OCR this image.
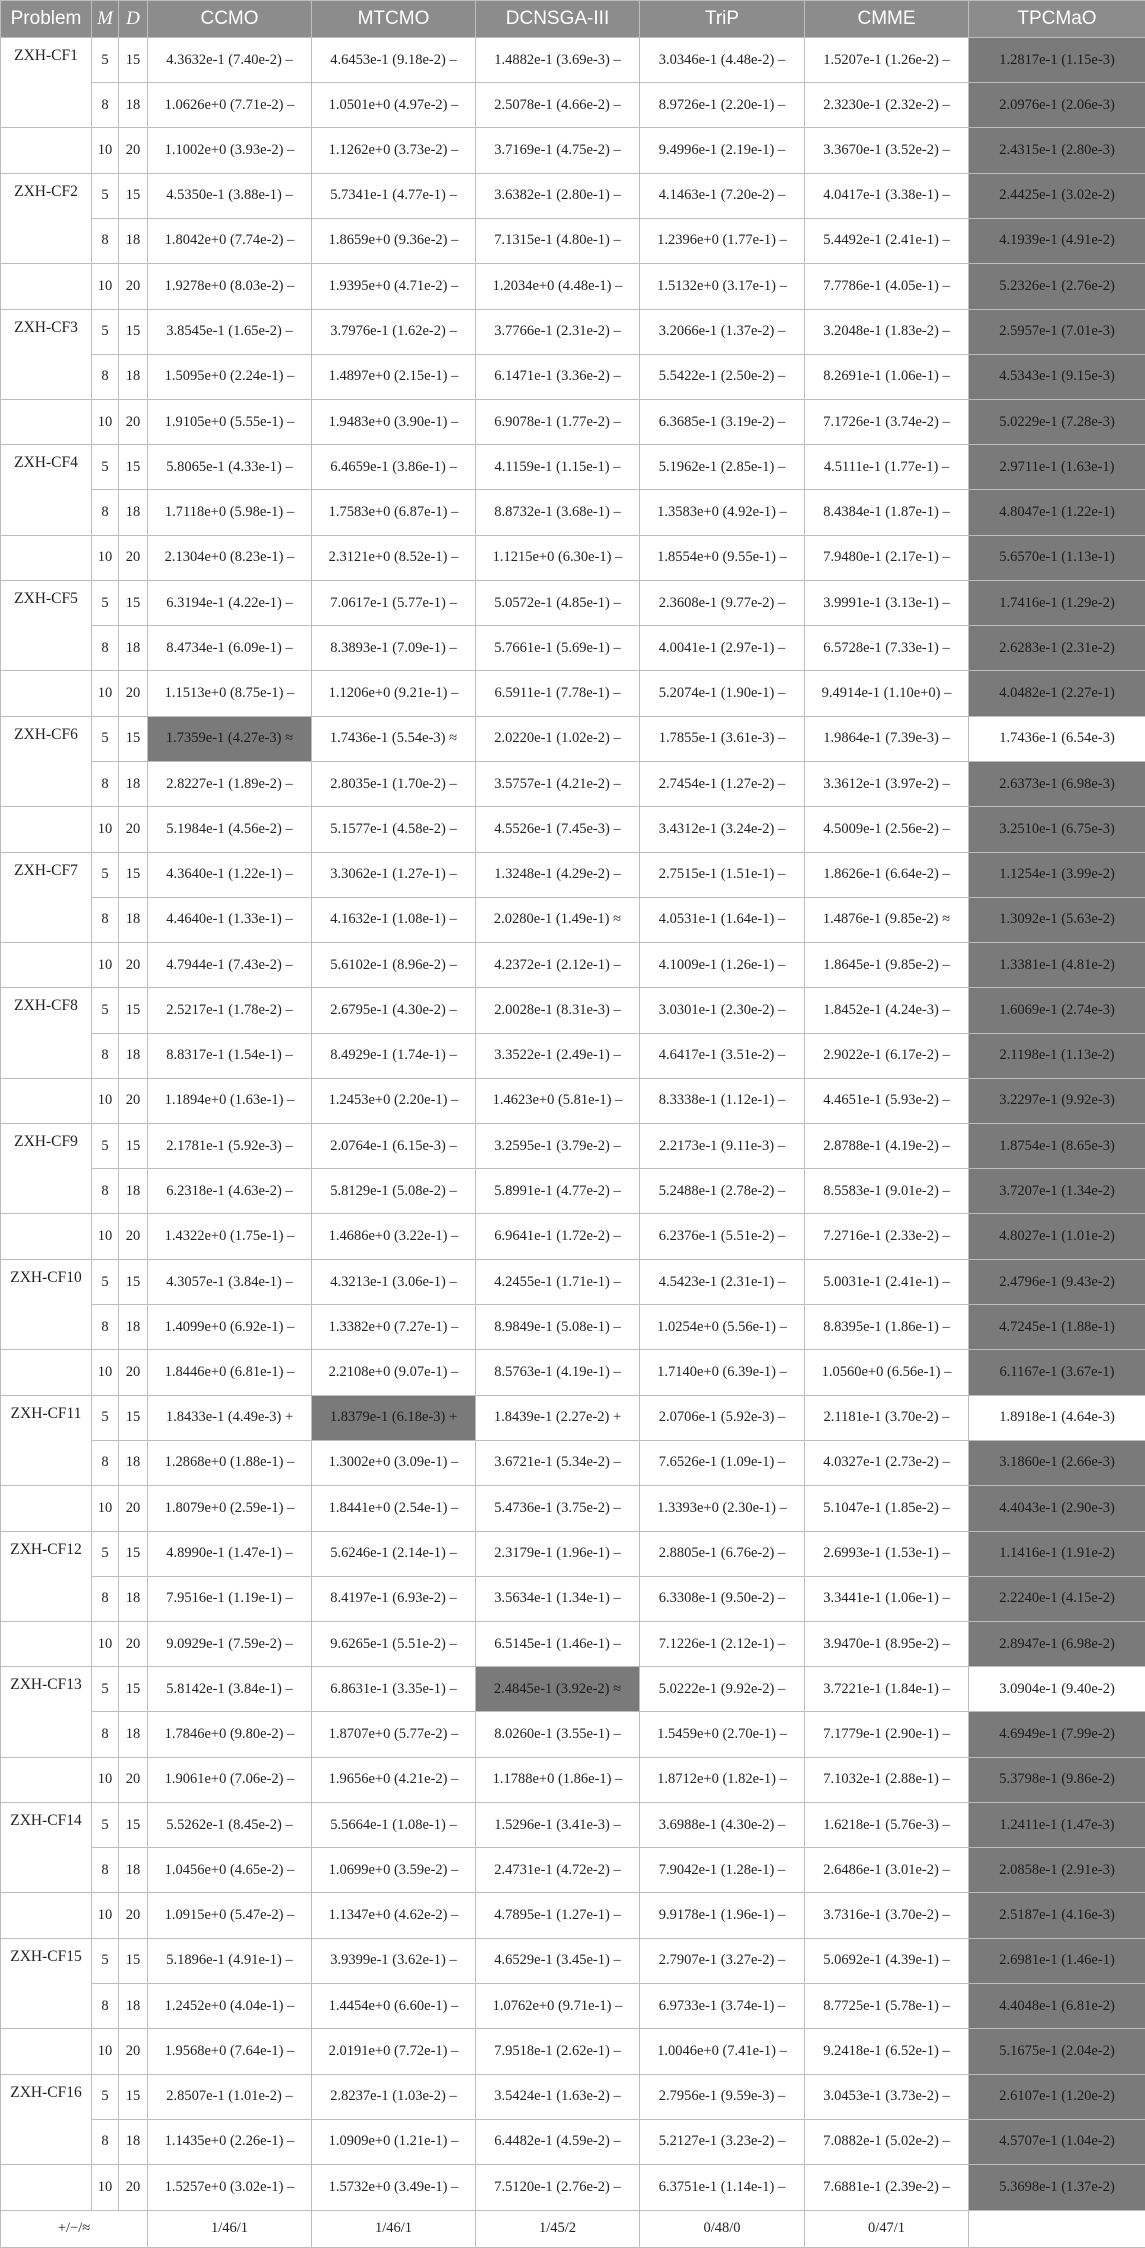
Problem	M	D	CCMO	MTCMO	DCNSGA-III	TriP	CMME	TPCMaO
ZXH-CF1	5	15	4.3632e-1 (7.40e-2) –	4.6453e-1 (9.18e-2) –	1.4882e-1 (3.69e-3) –	3.0346e-1 (4.48e-2) –	1.5207e-1 (1.26e-2) –	1.2817e-1 (1.15e-3)
	8	18	1.0626e+0 (7.71e-2) –	1.0501e+0 (4.97e-2) –	2.5078e-1 (4.66e-2) –	8.9726e-1 (2.20e-1) –	2.3230e-1 (2.32e-2) –	2.0976e-1 (2.06e-3)
	10	20	1.1002e+0 (3.93e-2) –	1.1262e+0 (3.73e-2) –	3.7169e-1 (4.75e-2) –	9.4996e-1 (2.19e-1) –	3.3670e-1 (3.52e-2) –	2.4315e-1 (2.80e-3)
ZXH-CF2	5	15	4.5350e-1 (3.88e-1) –	5.7341e-1 (4.77e-1) –	3.6382e-1 (2.80e-1) –	4.1463e-1 (7.20e-2) –	4.0417e-1 (3.38e-1) –	2.4425e-1 (3.02e-2)
	8	18	1.8042e+0 (7.74e-2) –	1.8659e+0 (9.36e-2) –	7.1315e-1 (4.80e-1) –	1.2396e+0 (1.77e-1) –	5.4492e-1 (2.41e-1) –	4.1939e-1 (4.91e-2)
	10	20	1.9278e+0 (8.03e-2) –	1.9395e+0 (4.71e-2) –	1.2034e+0 (4.48e-1) –	1.5132e+0 (3.17e-1) –	7.7786e-1 (4.05e-1) –	5.2326e-1 (2.76e-2)
ZXH-CF3	5	15	3.8545e-1 (1.65e-2) –	3.7976e-1 (1.62e-2) –	3.7766e-1 (2.31e-2) –	3.2066e-1 (1.37e-2) –	3.2048e-1 (1.83e-2) –	2.5957e-1 (7.01e-3)
	8	18	1.5095e+0 (2.24e-1) –	1.4897e+0 (2.15e-1) –	6.1471e-1 (3.36e-2) –	5.5422e-1 (2.50e-2) –	8.2691e-1 (1.06e-1) –	4.5343e-1 (9.15e-3)
	10	20	1.9105e+0 (5.55e-1) –	1.9483e+0 (3.90e-1) –	6.9078e-1 (1.77e-2) –	6.3685e-1 (3.19e-2) –	7.1726e-1 (3.74e-2) –	5.0229e-1 (7.28e-3)
ZXH-CF4	5	15	5.8065e-1 (4.33e-1) –	6.4659e-1 (3.86e-1) –	4.1159e-1 (1.15e-1) –	5.1962e-1 (2.85e-1) –	4.5111e-1 (1.77e-1) –	2.9711e-1 (1.63e-1)
	8	18	1.7118e+0 (5.98e-1) –	1.7583e+0 (6.87e-1) –	8.8732e-1 (3.68e-1) –	1.3583e+0 (4.92e-1) –	8.4384e-1 (1.87e-1) –	4.8047e-1 (1.22e-1)
	10	20	2.1304e+0 (8.23e-1) –	2.3121e+0 (8.52e-1) –	1.1215e+0 (6.30e-1) –	1.8554e+0 (9.55e-1) –	7.9480e-1 (2.17e-1) –	5.6570e-1 (1.13e-1)
ZXH-CF5	5	15	6.3194e-1 (4.22e-1) –	7.0617e-1 (5.77e-1) –	5.0572e-1 (4.85e-1) –	2.3608e-1 (9.77e-2) –	3.9991e-1 (3.13e-1) –	1.7416e-1 (1.29e-2)
	8	18	8.4734e-1 (6.09e-1) –	8.3893e-1 (7.09e-1) –	5.7661e-1 (5.69e-1) –	4.0041e-1 (2.97e-1) –	6.5728e-1 (7.33e-1) –	2.6283e-1 (2.31e-2)
	10	20	1.1513e+0 (8.75e-1) –	1.1206e+0 (9.21e-1) –	6.5911e-1 (7.78e-1) –	5.2074e-1 (1.90e-1) –	9.4914e-1 (1.10e+0) –	4.0482e-1 (2.27e-1)
ZXH-CF6	5	15	1.7359e-1 (4.27e-3) ≈	1.7436e-1 (5.54e-3) ≈	2.0220e-1 (1.02e-2) –	1.7855e-1 (3.61e-3) –	1.9864e-1 (7.39e-3) –	1.7436e-1 (6.54e-3)
	8	18	2.8227e-1 (1.89e-2) –	2.8035e-1 (1.70e-2) –	3.5757e-1 (4.21e-2) –	2.7454e-1 (1.27e-2) –	3.3612e-1 (3.97e-2) –	2.6373e-1 (6.98e-3)
	10	20	5.1984e-1 (4.56e-2) –	5.1577e-1 (4.58e-2) –	4.5526e-1 (7.45e-3) –	3.4312e-1 (3.24e-2) –	4.5009e-1 (2.56e-2) –	3.2510e-1 (6.75e-3)
ZXH-CF7	5	15	4.3640e-1 (1.22e-1) –	3.3062e-1 (1.27e-1) –	1.3248e-1 (4.29e-2) –	2.7515e-1 (1.51e-1) –	1.8626e-1 (6.64e-2) –	1.1254e-1 (3.99e-2)
	8	18	4.4640e-1 (1.33e-1) –	4.1632e-1 (1.08e-1) –	2.0280e-1 (1.49e-1) ≈	4.0531e-1 (1.64e-1) –	1.4876e-1 (9.85e-2) ≈	1.3092e-1 (5.63e-2)
	10	20	4.7944e-1 (7.43e-2) –	5.6102e-1 (8.96e-2) –	4.2372e-1 (2.12e-1) –	4.1009e-1 (1.26e-1) –	1.8645e-1 (9.85e-2) –	1.3381e-1 (4.81e-2)
ZXH-CF8	5	15	2.5217e-1 (1.78e-2) –	2.6795e-1 (4.30e-2) –	2.0028e-1 (8.31e-3) –	3.0301e-1 (2.30e-2) –	1.8452e-1 (4.24e-3) –	1.6069e-1 (2.74e-3)
	8	18	8.8317e-1 (1.54e-1) –	8.4929e-1 (1.74e-1) –	3.3522e-1 (2.49e-1) –	4.6417e-1 (3.51e-2) –	2.9022e-1 (6.17e-2) –	2.1198e-1 (1.13e-2)
	10	20	1.1894e+0 (1.63e-1) –	1.2453e+0 (2.20e-1) –	1.4623e+0 (5.81e-1) –	8.3338e-1 (1.12e-1) –	4.4651e-1 (5.93e-2) –	3.2297e-1 (9.92e-3)
ZXH-CF9	5	15	2.1781e-1 (5.92e-3) –	2.0764e-1 (6.15e-3) –	3.2595e-1 (3.79e-2) –	2.2173e-1 (9.11e-3) –	2.8788e-1 (4.19e-2) –	1.8754e-1 (8.65e-3)
	8	18	6.2318e-1 (4.63e-2) –	5.8129e-1 (5.08e-2) –	5.8991e-1 (4.77e-2) –	5.2488e-1 (2.78e-2) –	8.5583e-1 (9.01e-2) –	3.7207e-1 (1.34e-2)
	10	20	1.4322e+0 (1.75e-1) –	1.4686e+0 (3.22e-1) –	6.9641e-1 (1.72e-2) –	6.2376e-1 (5.51e-2) –	7.2716e-1 (2.33e-2) –	4.8027e-1 (1.01e-2)
ZXH-CF10	5	15	4.3057e-1 (3.84e-1) –	4.3213e-1 (3.06e-1) –	4.2455e-1 (1.71e-1) –	4.5423e-1 (2.31e-1) –	5.0031e-1 (2.41e-1) –	2.4796e-1 (9.43e-2)
	8	18	1.4099e+0 (6.92e-1) –	1.3382e+0 (7.27e-1) –	8.9849e-1 (5.08e-1) –	1.0254e+0 (5.56e-1) –	8.8395e-1 (1.86e-1) –	4.7245e-1 (1.88e-1)
	10	20	1.8446e+0 (6.81e-1) –	2.2108e+0 (9.07e-1) –	8.5763e-1 (4.19e-1) –	1.7140e+0 (6.39e-1) –	1.0560e+0 (6.56e-1) –	6.1167e-1 (3.67e-1)
ZXH-CF11	5	15	1.8433e-1 (4.49e-3) +	1.8379e-1 (6.18e-3) +	1.8439e-1 (2.27e-2) +	2.0706e-1 (5.92e-3) –	2.1181e-1 (3.70e-2) –	1.8918e-1 (4.64e-3)
	8	18	1.2868e+0 (1.88e-1) –	1.3002e+0 (3.09e-1) –	3.6721e-1 (5.34e-2) –	7.6526e-1 (1.09e-1) –	4.0327e-1 (2.73e-2) –	3.1860e-1 (2.66e-3)
	10	20	1.8079e+0 (2.59e-1) –	1.8441e+0 (2.54e-1) –	5.4736e-1 (3.75e-2) –	1.3393e+0 (2.30e-1) –	5.1047e-1 (1.85e-2) –	4.4043e-1 (2.90e-3)
ZXH-CF12	5	15	4.8990e-1 (1.47e-1) –	5.6246e-1 (2.14e-1) –	2.3179e-1 (1.96e-1) –	2.8805e-1 (6.76e-2) –	2.6993e-1 (1.53e-1) –	1.1416e-1 (1.91e-2)
	8	18	7.9516e-1 (1.19e-1) –	8.4197e-1 (6.93e-2) –	3.5634e-1 (1.34e-1) –	6.3308e-1 (9.50e-2) –	3.3441e-1 (1.06e-1) –	2.2240e-1 (4.15e-2)
	10	20	9.0929e-1 (7.59e-2) –	9.6265e-1 (5.51e-2) –	6.5145e-1 (1.46e-1) –	7.1226e-1 (2.12e-1) –	3.9470e-1 (8.95e-2) –	2.8947e-1 (6.98e-2)
ZXH-CF13	5	15	5.8142e-1 (3.84e-1) –	6.8631e-1 (3.35e-1) –	2.4845e-1 (3.92e-2) ≈	5.0222e-1 (9.92e-2) –	3.7221e-1 (1.84e-1) –	3.0904e-1 (9.40e-2)
	8	18	1.7846e+0 (9.80e-2) –	1.8707e+0 (5.77e-2) –	8.0260e-1 (3.55e-1) –	1.5459e+0 (2.70e-1) –	7.1779e-1 (2.90e-1) –	4.6949e-1 (7.99e-2)
	10	20	1.9061e+0 (7.06e-2) –	1.9656e+0 (4.21e-2) –	1.1788e+0 (1.86e-1) –	1.8712e+0 (1.82e-1) –	7.1032e-1 (2.88e-1) –	5.3798e-1 (9.86e-2)
ZXH-CF14	5	15	5.5262e-1 (8.45e-2) –	5.5664e-1 (1.08e-1) –	1.5296e-1 (3.41e-3) –	3.6988e-1 (4.30e-2) –	1.6218e-1 (5.76e-3) –	1.2411e-1 (1.47e-3)
	8	18	1.0456e+0 (4.65e-2) –	1.0699e+0 (3.59e-2) –	2.4731e-1 (4.72e-2) –	7.9042e-1 (1.28e-1) –	2.6486e-1 (3.01e-2) –	2.0858e-1 (2.91e-3)
	10	20	1.0915e+0 (5.47e-2) –	1.1347e+0 (4.62e-2) –	4.7895e-1 (1.27e-1) –	9.9178e-1 (1.96e-1) –	3.7316e-1 (3.70e-2) –	2.5187e-1 (4.16e-3)
ZXH-CF15	5	15	5.1896e-1 (4.91e-1) –	3.9399e-1 (3.62e-1) –	4.6529e-1 (3.45e-1) –	2.7907e-1 (3.27e-2) –	5.0692e-1 (4.39e-1) –	2.6981e-1 (1.46e-1)
	8	18	1.2452e+0 (4.04e-1) –	1.4454e+0 (6.60e-1) –	1.0762e+0 (9.71e-1) –	6.9733e-1 (3.74e-1) –	8.7725e-1 (5.78e-1) –	4.4048e-1 (6.81e-2)
	10	20	1.9568e+0 (7.64e-1) –	2.0191e+0 (7.72e-1) –	7.9518e-1 (2.62e-1) –	1.0046e+0 (7.41e-1) –	9.2418e-1 (6.52e-1) –	5.1675e-1 (2.04e-2)
ZXH-CF16	5	15	2.8507e-1 (1.01e-2) –	2.8237e-1 (1.03e-2) –	3.5424e-1 (1.63e-2) –	2.7956e-1 (9.59e-3) –	3.0453e-1 (3.73e-2) –	2.6107e-1 (1.20e-2)
	8	18	1.1435e+0 (2.26e-1) –	1.0909e+0 (1.21e-1) –	6.4482e-1 (4.59e-2) –	5.2127e-1 (3.23e-2) –	7.0882e-1 (5.02e-2) –	4.5707e-1 (1.04e-2)
	10	20	1.5257e+0 (3.02e-1) –	1.5732e+0 (3.49e-1) –	7.5120e-1 (2.76e-2) –	6.3751e-1 (1.14e-1) –	7.6881e-1 (2.39e-2) –	5.3698e-1 (1.37e-2)
+/−/≈			1/46/1	1/46/1	1/45/2	0/48/0	0/47/1	
